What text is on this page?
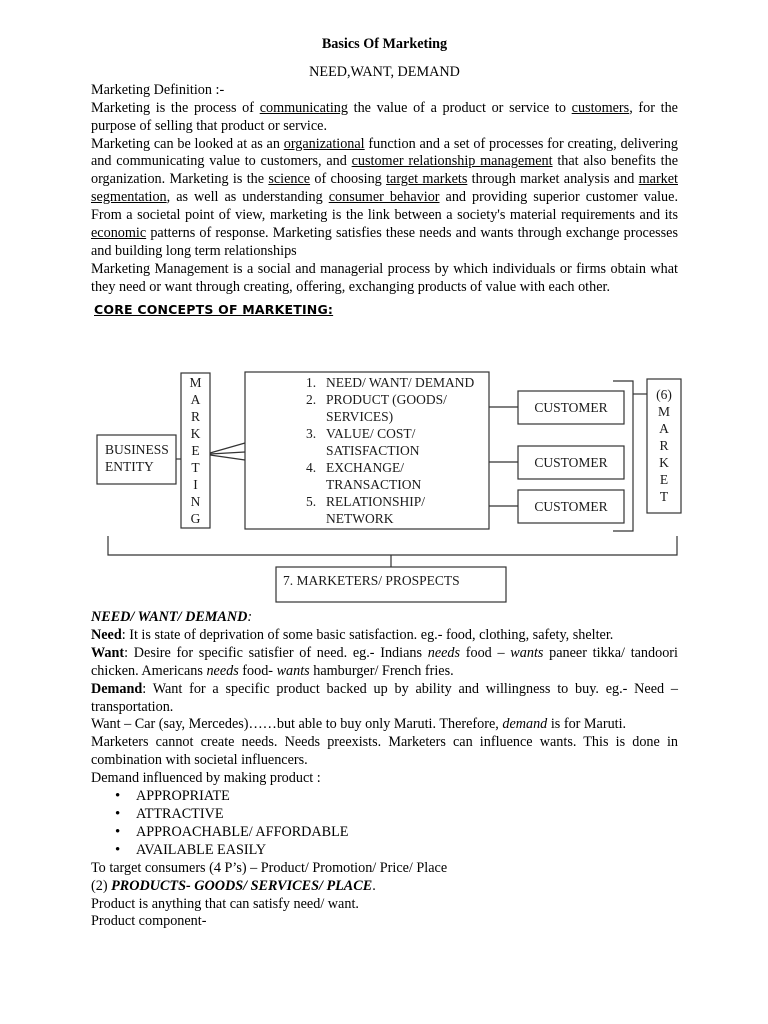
Basics Of Marketing

NEED,WANT, DEMAND

Marketing Definition :-

Marketing is the process of communicating the value of a product or service to customers, for the purpose of selling that product or service.

Marketing can be looked at as an organizational function and a set of processes for creating, delivering and communicating value to customers, and customer relationship management that also benefits the organization. Marketing is the science of choosing target markets through market analysis and market segmentation, as well as understanding consumer behavior and providing superior customer value. From a societal point of view, marketing is the link between a society's material requirements and its economic patterns of response. Marketing satisfies these needs and wants through exchange processes and building long term relationships

Marketing Management is a social and managerial process by which individuals or firms obtain what they need or want through creating, offering, exchanging products of value with each other.

CORE CONCEPTS OF MARKETING:

BUSINESS
ENTITY
M
A
R
K
E
T
I
N
G
1. NEED/ WANT/ DEMAND
2. PRODUCT (GOODS/
SERVICES)
3. VALUE/ COST/
SATISFACTION
4. EXCHANGE/
TRANSACTION
5. RELATIONSHIP/
NETWORK
CUSTOMER
CUSTOMER
CUSTOMER
(6)
M
A
R
K
E
T
7. MARKETERS/ PROSPECTS

NEED/ WANT/ DEMAND:

Need: It is state of deprivation of some basic satisfaction. eg.- food, clothing, safety, shelter.

Want: Desire for specific satisfier of need. eg.- Indians needs food – wants paneer tikka/ tandoori chicken. Americans needs food- wants hamburger/ French fries.

Demand: Want for a specific product backed up by ability and willingness to buy. eg.- Need – transportation.

Want – Car (say, Mercedes)……but able to buy only Maruti. Therefore, demand is for Maruti.

Marketers cannot create needs. Needs preexists. Marketers can influence wants. This is done in combination with societal influencers.

Demand influenced by making product :

• APPROPRIATE
• ATTRACTIVE
• APPROACHABLE/ AFFORDABLE
• AVAILABLE EASILY

To target consumers (4 P’s) – Product/ Promotion/ Price/ Place

(2) PRODUCTS- GOODS/ SERVICES/ PLACE.

Product is anything that can satisfy need/ want.

Product component-
